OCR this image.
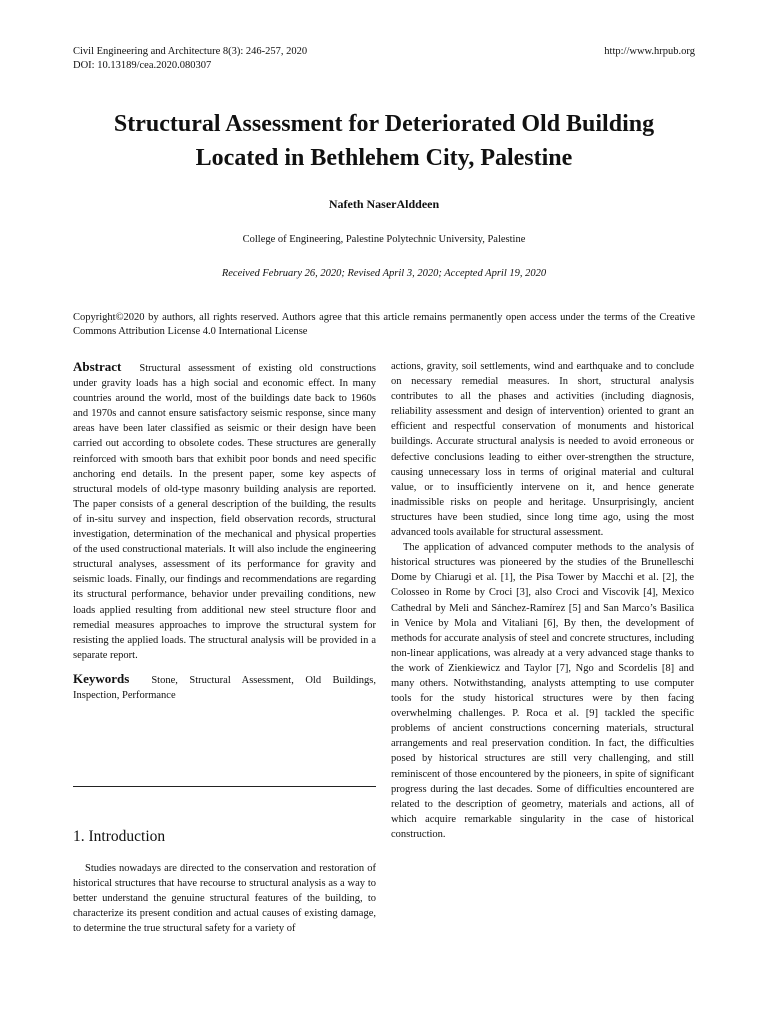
Civil Engineering and Architecture 8(3): 246-257, 2020
DOI: 10.13189/cea.2020.080307
http://www.hrpub.org
Structural Assessment for Deteriorated Old Building
Located in Bethlehem City, Palestine
Nafeth NaserAlddeen
College of Engineering, Palestine Polytechnic University, Palestine
Received February 26, 2020; Revised April 3, 2020; Accepted April 19, 2020
Copyright©2020 by authors, all rights reserved. Authors agree that this article remains permanently open access under the terms of the Creative Commons Attribution License 4.0 International License

Abstract Structural assessment of existing old constructions under gravity loads has a high social and economic effect. In many countries around the world, most of the buildings date back to 1960s and 1970s and cannot ensure satisfactory seismic response, since many areas have been later classified as seismic or their design have been carried out according to obsolete codes. These structures are generally reinforced with smooth bars that exhibit poor bonds and need specific anchoring end details. In the present paper, some key aspects of structural models of old-type masonry building analysis are reported. The paper consists of a general description of the building, the results of in-situ survey and inspection, field observation records, structural investigation, determination of the mechanical and physical properties of the used constructional materials. It will also include the engineering structural analyses, assessment of its performance for gravity and seismic loads. Finally, our findings and recommendations are regarding its structural performance, behavior under prevailing conditions, new loads applied resulting from additional new steel structure floor and remedial measures approaches to improve the structural system for resisting the applied loads. The structural analysis will be provided in a separate report.

Keywords Stone, Structural Assessment, Old Buildings, Inspection, Performance

1. Introduction

Studies nowadays are directed to the conservation and restoration of historical structures that have recourse to structural analysis as a way to better understand the genuine structural features of the building, to characterize its present condition and actual causes of existing damage, to determine the true structural safety for a variety of

actions, gravity, soil settlements, wind and earthquake and to conclude on necessary remedial measures. In short, structural analysis contributes to all the phases and activities (including diagnosis, reliability assessment and design of intervention) oriented to grant an efficient and respectful conservation of monuments and historical buildings. Accurate structural analysis is needed to avoid erroneous or defective conclusions leading to either over-strengthen the structure, causing unnecessary loss in terms of original material and cultural value, or to insufficiently intervene on it, and hence generate inadmissible risks on people and heritage. Unsurprisingly, ancient structures have been studied, since long time ago, using the most advanced tools available for structural assessment.

The application of advanced computer methods to the analysis of historical structures was pioneered by the studies of the Brunelleschi Dome by Chiarugi et al. [1], the Pisa Tower by Macchi et al. [2], the Colosseo in Rome by Croci [3], also Croci and Viscovik [4], Mexico Cathedral by Meli and Sánchez-Ramírez [5] and San Marco’s Basilica in Venice by Mola and Vitaliani [6], By then, the development of methods for accurate analysis of steel and concrete structures, including non-linear applications, was already at a very advanced stage thanks to the work of Zienkiewicz and Taylor [7], Ngo and Scordelis [8] and many others. Notwithstanding, analysts attempting to use computer tools for the study historical structures were by then facing overwhelming challenges. P. Roca et al. [9] tackled the specific problems of ancient constructions concerning materials, structural arrangements and real preservation condition. In fact, the difficulties posed by historical structures are still very challenging, and still reminiscent of those encountered by the pioneers, in spite of significant progress during the last decades. Some of difficulties encountered are related to the description of geometry, materials and actions, all of which acquire remarkable singularity in the case of historical construction.
